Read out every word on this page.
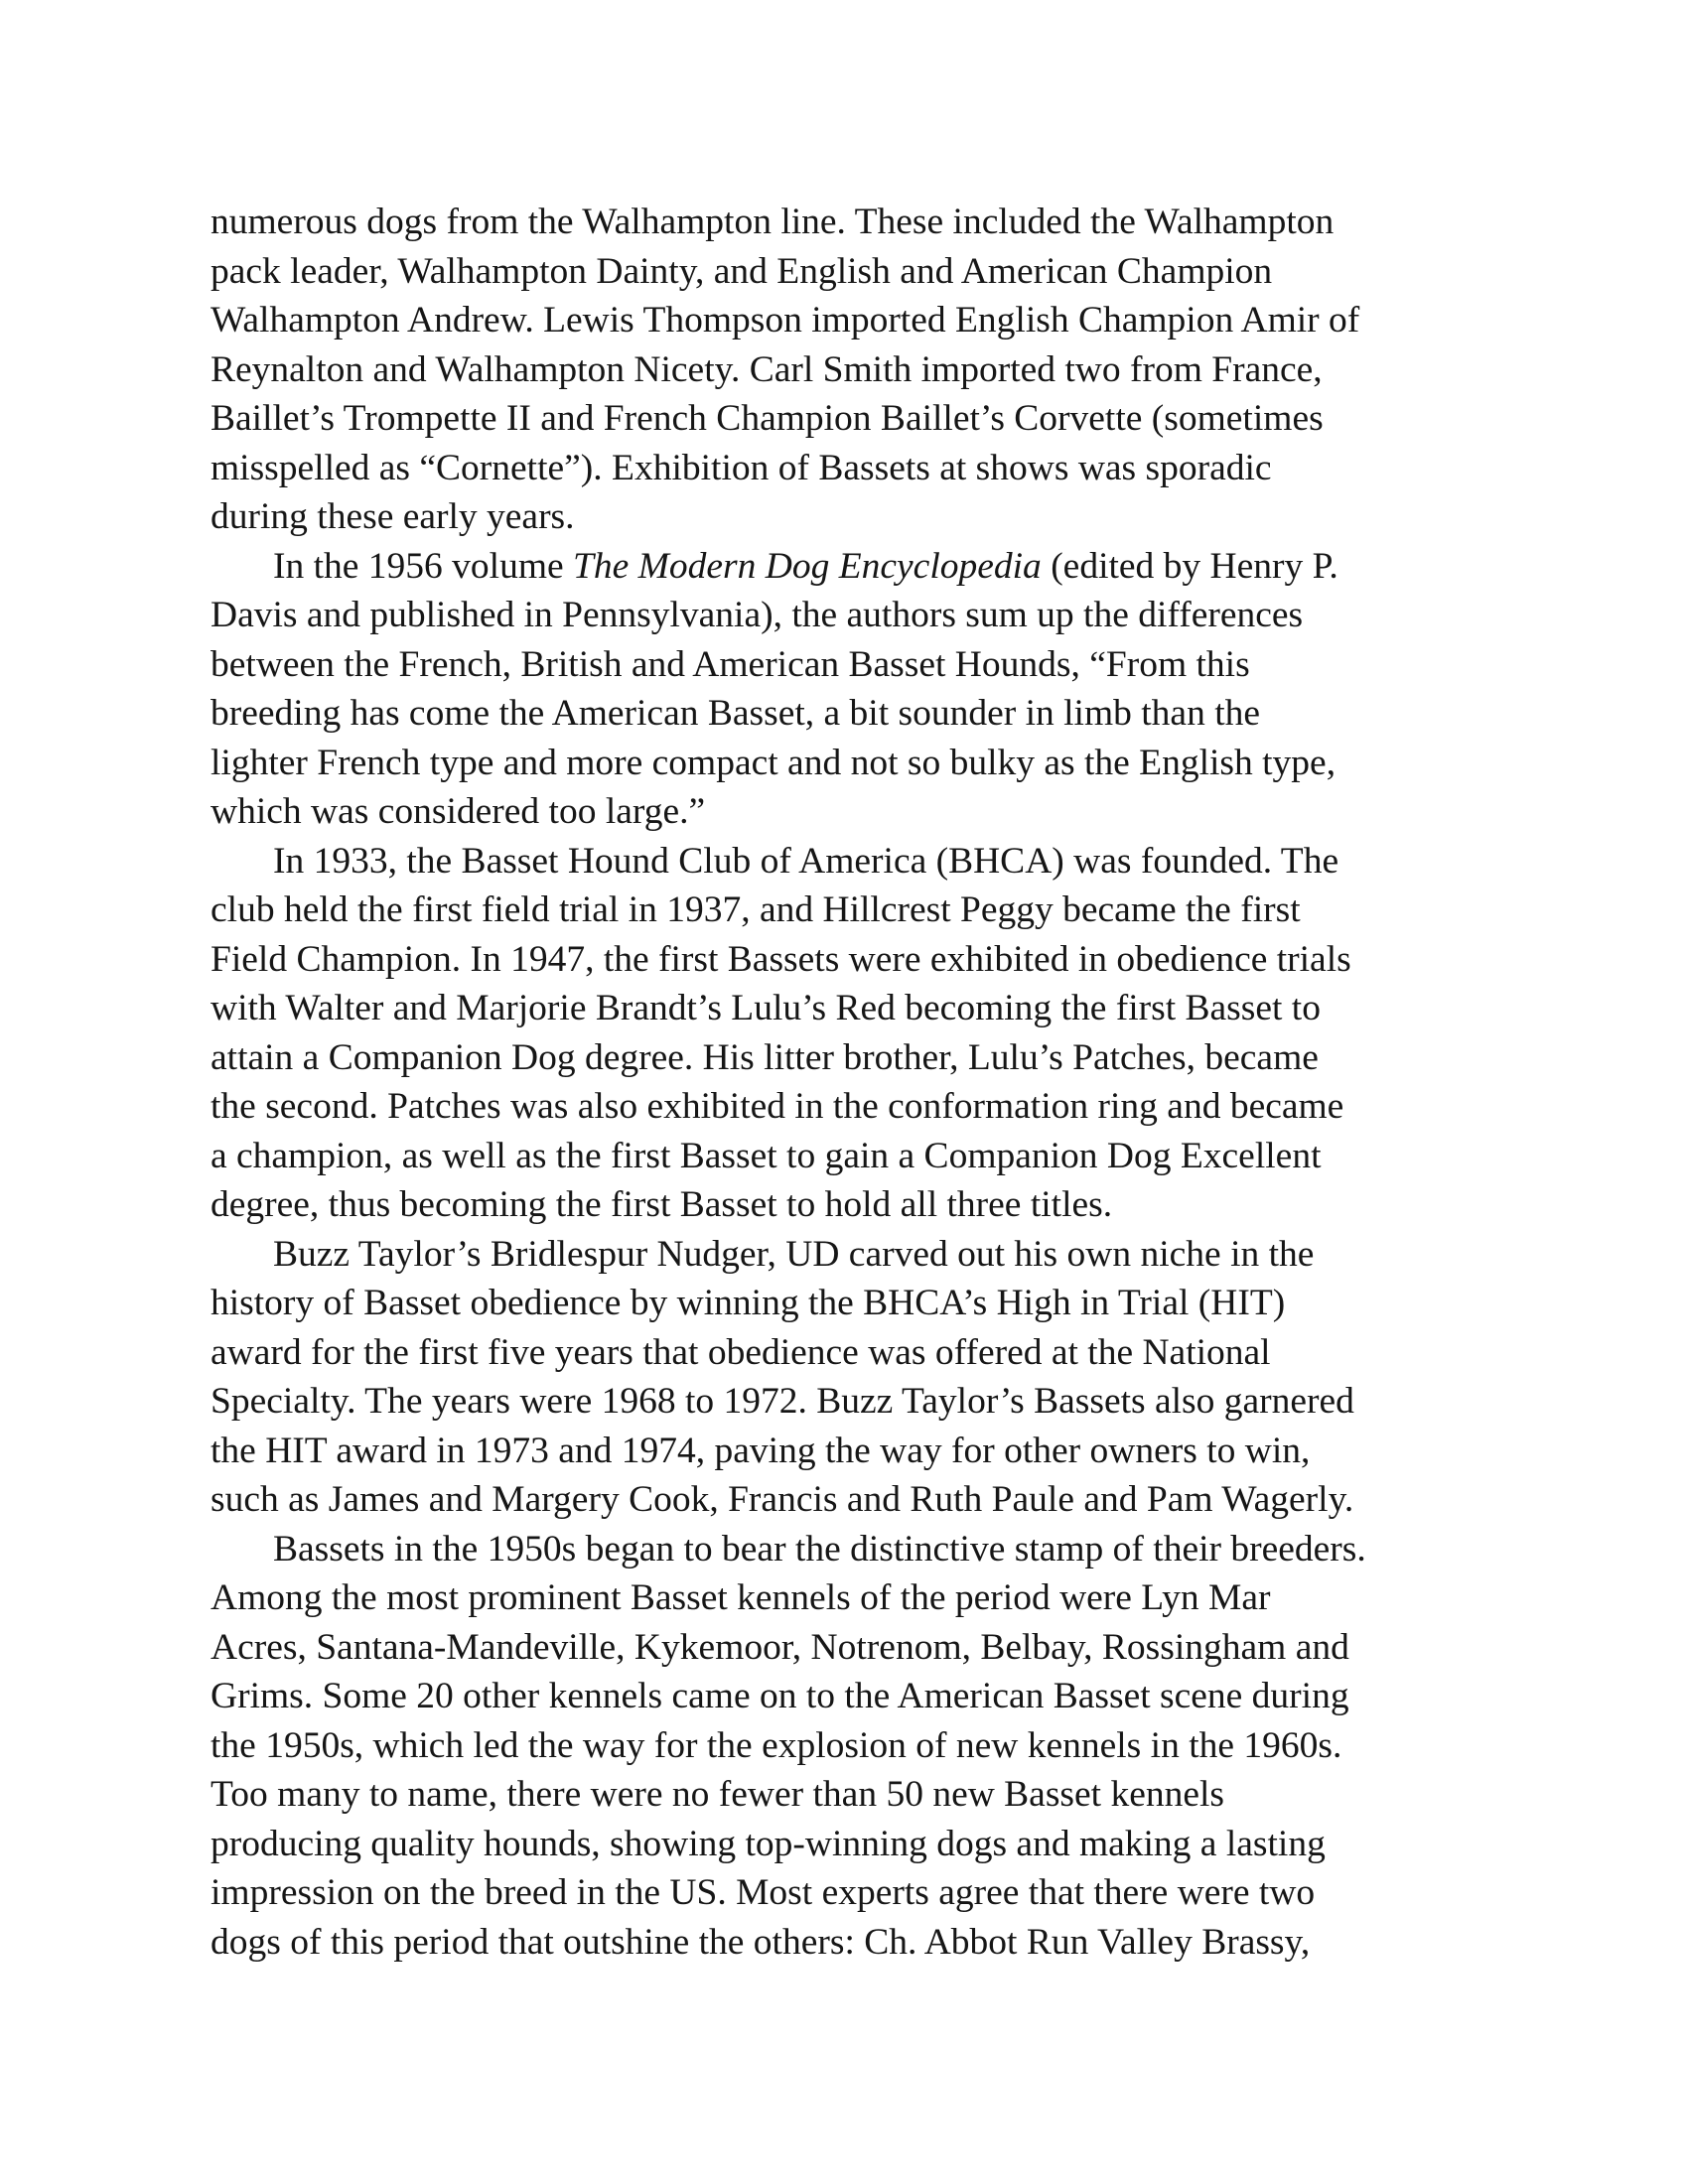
numerous dogs from the Walhampton line. These included the Walhampton
pack leader, Walhampton Dainty, and English and American Champion
Walhampton Andrew. Lewis Thompson imported English Champion Amir of
Reynalton and Walhampton Nicety. Carl Smith imported two from France,
Baillet’s Trompette II and French Champion Baillet’s Corvette (sometimes
misspelled as “Cornette”). Exhibition of Bassets at shows was sporadic
during these early years.
In the 1956 volume The Modern Dog Encyclopedia (edited by Henry P.
Davis and published in Pennsylvania), the authors sum up the differences
between the French, British and American Basset Hounds, “From this
breeding has come the American Basset, a bit sounder in limb than the
lighter French type and more compact and not so bulky as the English type,
which was considered too large.”
In 1933, the Basset Hound Club of America (BHCA) was founded. The
club held the first field trial in 1937, and Hillcrest Peggy became the first
Field Champion. In 1947, the first Bassets were exhibited in obedience trials
with Walter and Marjorie Brandt’s Lulu’s Red becoming the first Basset to
attain a Companion Dog degree. His litter brother, Lulu’s Patches, became
the second. Patches was also exhibited in the conformation ring and became
a champion, as well as the first Basset to gain a Companion Dog Excellent
degree, thus becoming the first Basset to hold all three titles.
Buzz Taylor’s Bridlespur Nudger, UD carved out his own niche in the
history of Basset obedience by winning the BHCA’s High in Trial (HIT)
award for the first five years that obedience was offered at the National
Specialty. The years were 1968 to 1972. Buzz Taylor’s Bassets also garnered
the HIT award in 1973 and 1974, paving the way for other owners to win,
such as James and Margery Cook, Francis and Ruth Paule and Pam Wagerly.
Bassets in the 1950s began to bear the distinctive stamp of their breeders.
Among the most prominent Basset kennels of the period were Lyn Mar
Acres, Santana-Mandeville, Kykemoor, Notrenom, Belbay, Rossingham and
Grims. Some 20 other kennels came on to the American Basset scene during
the 1950s, which led the way for the explosion of new kennels in the 1960s.
Too many to name, there were no fewer than 50 new Basset kennels
producing quality hounds, showing top-winning dogs and making a lasting
impression on the breed in the US. Most experts agree that there were two
dogs of this period that outshine the others: Ch. Abbot Run Valley Brassy,
